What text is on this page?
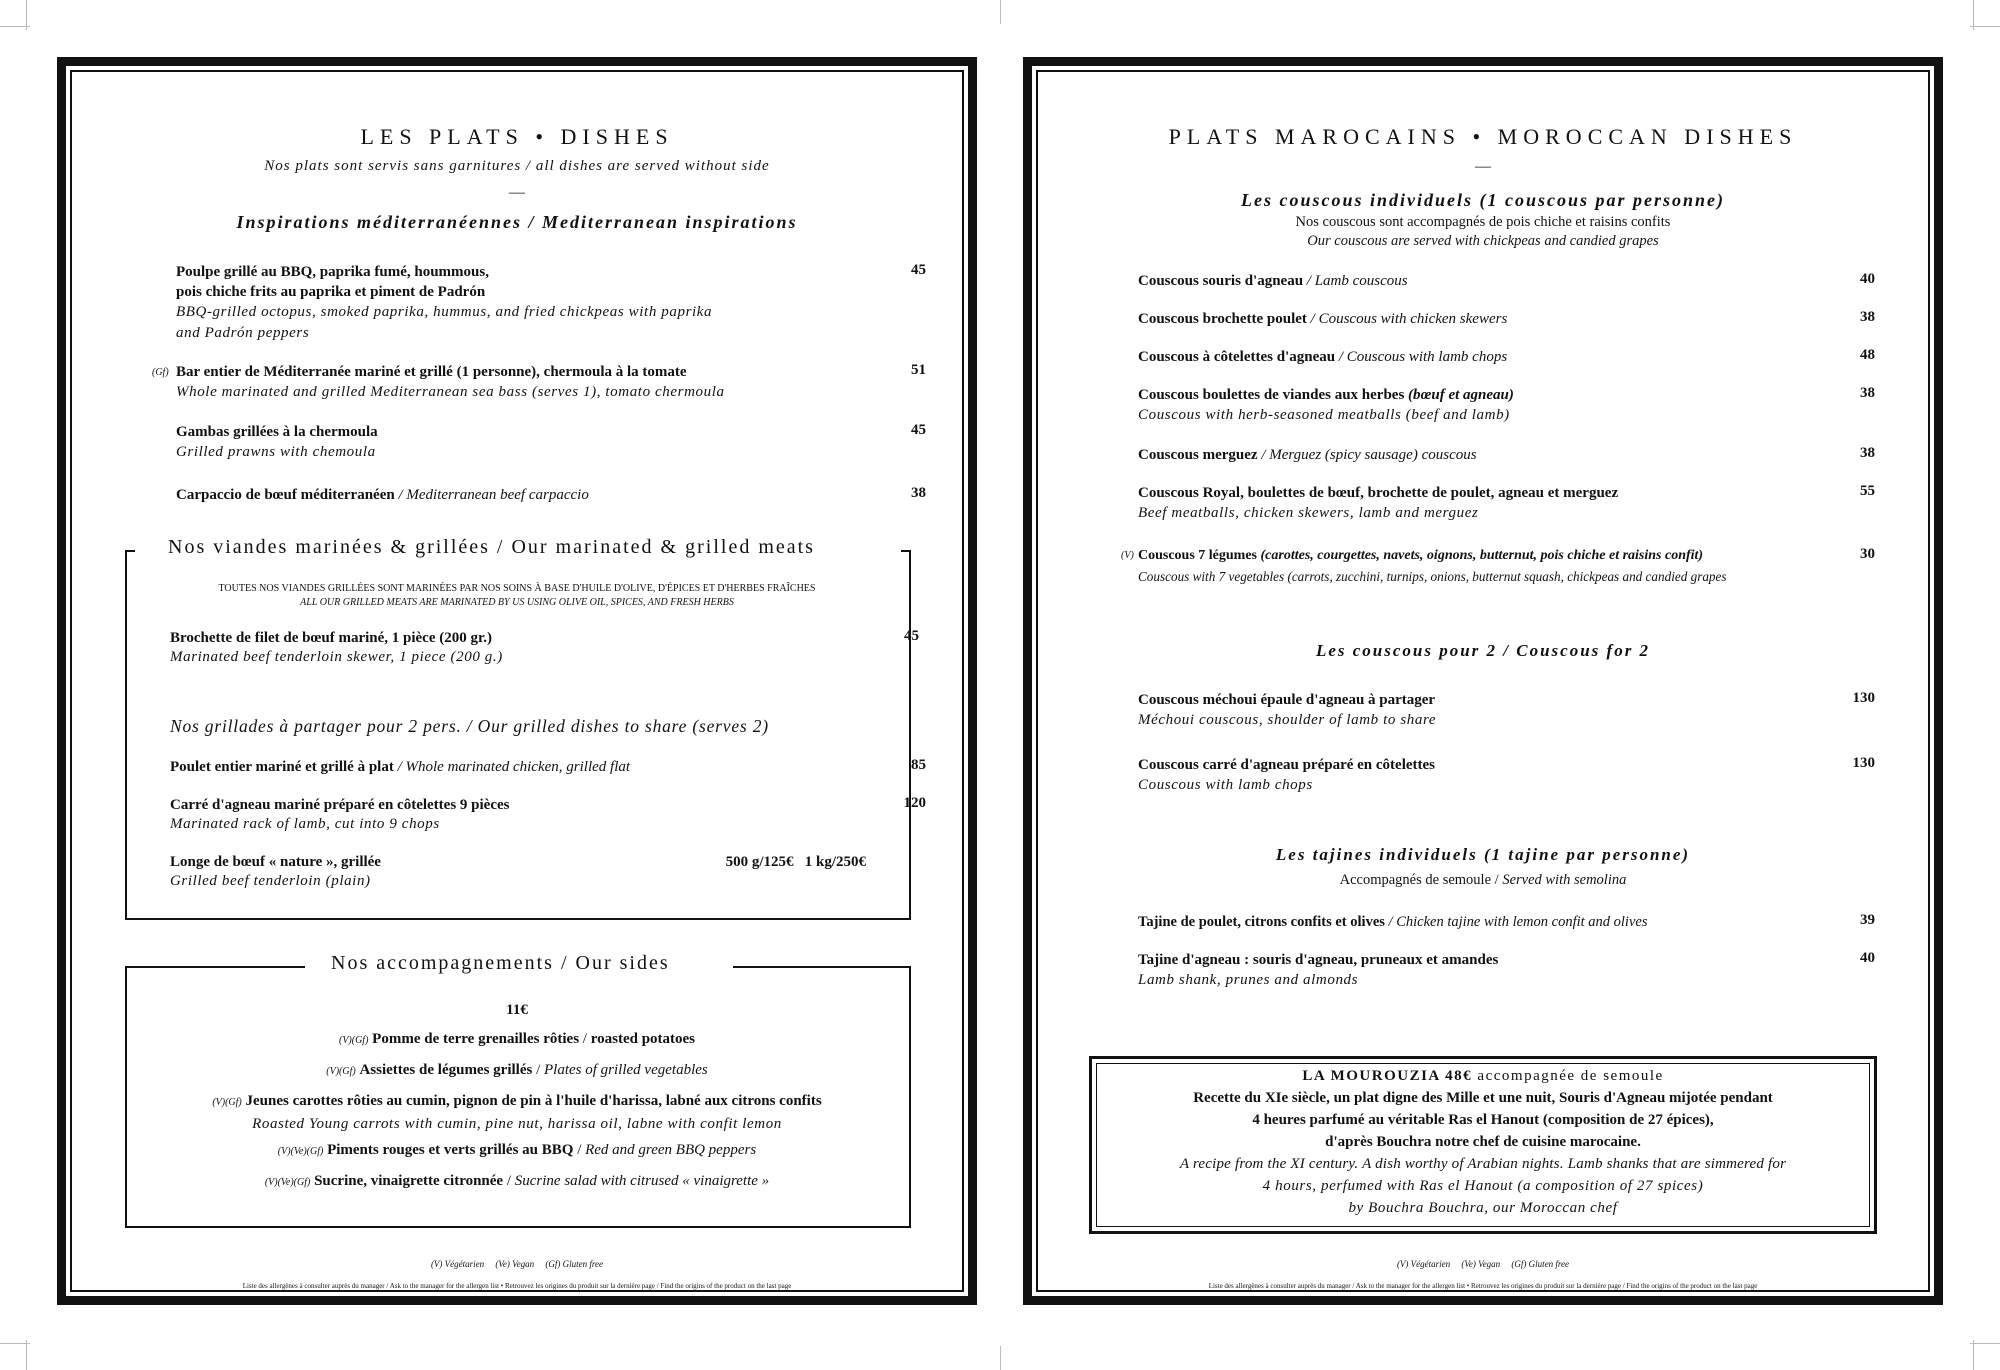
LES PLATS • DISHES
Nos plats sont servis sans garnitures / all dishes are served without side
—
Inspirations méditerranéennes / Mediterranean inspirations
Poulpe grillé au BBQ, paprika fumé, hoummous,
pois chiche frits au paprika et piment de Padrón
BBQ-grilled octopus, smoked paprika, hummus, and fried chickpeas with paprika
and Padrón peppers
45
(Gf) Bar entier de Méditerranée mariné et grillé (1 personne), chermoula à la tomate
Whole marinated and grilled Mediterranean sea bass (serves 1), tomato chermoula
51
Gambas grillées à la chermoula
Grilled prawns with chemoula
45
Carpaccio de bœuf méditerranéen / Mediterranean beef carpaccio	38
Nos viandes marinées & grillées / Our marinated & grilled meats
TOUTES NOS VIANDES GRILLÉES SONT MARINÉES PAR NOS SOINS À BASE D'HUILE D'OLIVE, D'ÉPICES ET D'HERBES FRAÎCHES
ALL OUR GRILLED MEATS ARE MARINATED BY US USING OLIVE OIL, SPICES, AND FRESH HERBS
Brochette de filet de bœuf mariné, 1 pièce (200 gr.)
Marinated beef tenderloin skewer, 1 piece (200 g.)
45
Nos grillades à partager pour 2 pers. / Our grilled dishes to share (serves 2)
Poulet entier mariné et grillé à plat / Whole marinated chicken, grilled flat	85
Carré d'agneau mariné préparé en côtelettes 9 pièces
Marinated rack of lamb, cut into 9 chops
120
Longe de bœuf « nature », grillée
Grilled beef tenderloin (plain)
500 g/125€   1 kg/250€
Nos accompagnements / Our sides
11€
(V)(Gf) Pomme de terre grenailles rôties / roasted potatoes
(V)(Gf) Assiettes de légumes grillés / Plates of grilled vegetables
(V)(Gf) Jeunes carottes rôties au cumin, pignon de pin à l'huile d'harissa, labné aux citrons confits
Roasted Young carrots with cumin, pine nut, harissa oil, labne with confit lemon
(V)(Ve)(Gf) Piments rouges et verts grillés au BBQ / Red and green BBQ peppers
(V)(Ve)(Gf) Sucrine, vinaigrette citronnée / Sucrine salad with citrused « vinaigrette »
(V) Végétarien     (Ve) Vegan     (Gf) Gluten free
Liste des allergènes à consulter auprès du manager / Ask to the manager for the allergen list • Retrouvez les origines du produit sur la dernière page / Find the origins of the product on the last page
PLATS MAROCAINS • MOROCCAN DISHES
—
Les couscous individuels (1 couscous par personne)
Nos couscous sont accompagnés de pois chiche et raisins confits
Our couscous are served with chickpeas and candied grapes
Couscous souris d'agneau / Lamb couscous	40
Couscous brochette poulet / Couscous with chicken skewers	38
Couscous à côtelettes d'agneau / Couscous with lamb chops	48
Couscous boulettes de viandes aux herbes (bœuf et agneau)
Couscous with herb-seasoned meatballs (beef and lamb)
38
Couscous merguez / Merguez (spicy sausage) couscous	38
Couscous Royal, boulettes de bœuf, brochette de poulet, agneau et merguez
Beef meatballs, chicken skewers, lamb and merguez
55
(V) Couscous 7 légumes (carottes, courgettes, navets, oignons, butternut, pois chiche et raisins confit)
Couscous with 7 vegetables (carrots, zucchini, turnips, onions, butternut squash, chickpeas and candied grapes
30
Les couscous pour 2 / Couscous for 2
Couscous méchoui épaule d'agneau à partager
Méchoui couscous, shoulder of lamb to share
130
Couscous carré d'agneau préparé en côtelettes
Couscous with lamb chops
130
Les tajines individuels (1 tajine par personne)
Accompagnés de semoule / Served with semolina
Tajine de poulet, citrons confits et olives / Chicken tajine with lemon confit and olives	39
Tajine d'agneau : souris d'agneau, pruneaux et amandes
Lamb shank, prunes and almonds
40
LA MOUROUZIA 48€ accompagnée de semoule
Recette du XIe siècle, un plat digne des Mille et une nuit, Souris d'Agneau mijotée pendant
4 heures parfumé au véritable Ras el Hanout (composition de 27 épices),
d'après Bouchra notre chef de cuisine marocaine.
A recipe from the XI century. A dish worthy of Arabian nights. Lamb shanks that are simmered for
4 hours, perfumed with Ras el Hanout (a composition of 27 spices)
by Bouchra Bouchra, our Moroccan chef
(V) Végétarien     (Ve) Vegan     (Gf) Gluten free
Liste des allergènes à consulter auprès du manager / Ask to the manager for the allergen list • Retrouvez les origines du produit sur la dernière page / Find the origins of the product on the last page
